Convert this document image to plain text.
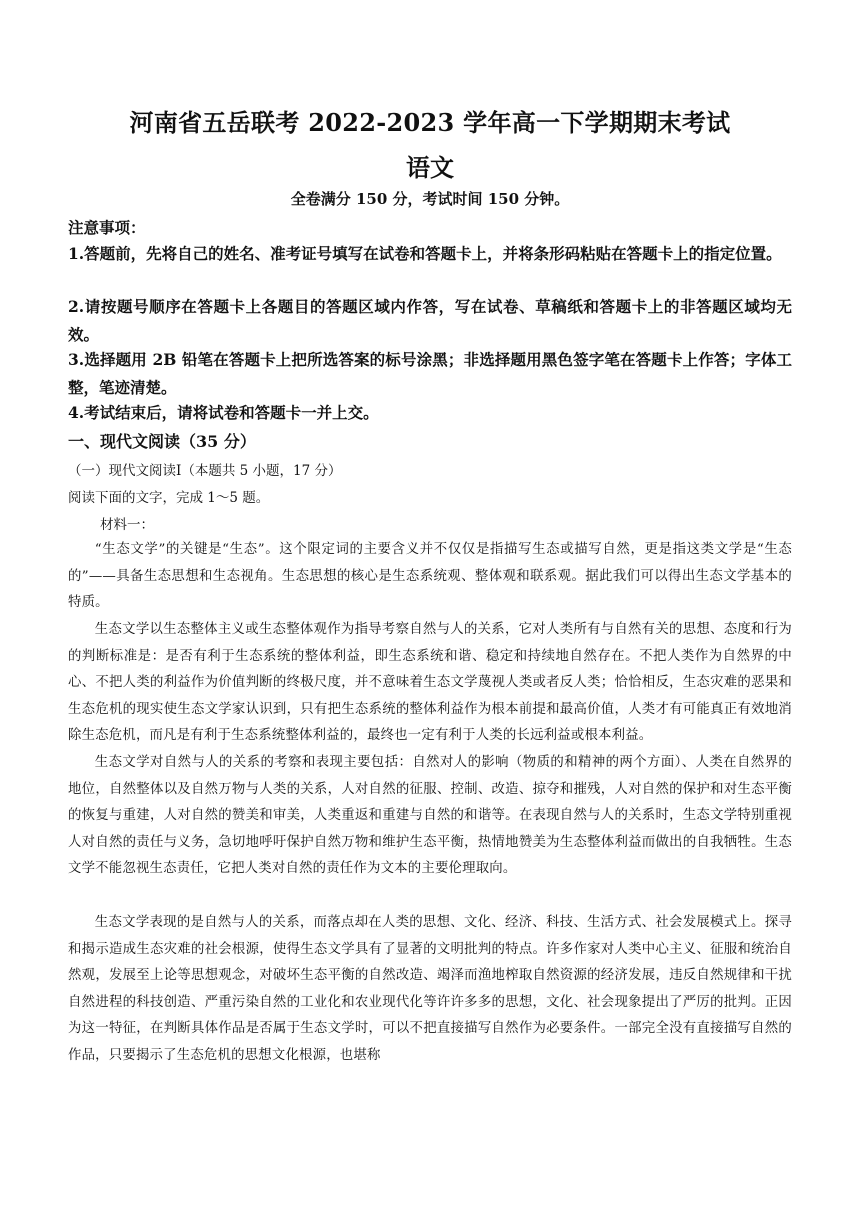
河南省五岳联考 2022-2023 学年高一下学期期末考试
语文
全卷满分 150 分，考试时间 150 分钟。
注意事项：
1.答题前，先将自己的姓名、准考证号填写在试卷和答题卡上，并将条形码粘贴在答题卡上的指定位置。
2.请按题号顺序在答题卡上各题目的答题区域内作答，写在试卷、草稿纸和答题卡上的非答题区域均无效。
3.选择题用 2B 铅笔在答题卡上把所选答案的标号涂黑；非选择题用黑色签字笔在答题卡上作答；字体工整，笔迹清楚。
4.考试结束后，请将试卷和答题卡一并上交。
一、现代文阅读（35 分）
（一）现代文阅读Ⅰ（本题共 5 小题，17 分）
阅读下面的文字，完成 1～5 题。
材料一：

“生态文学”的关键是“生态”。这个限定词的主要含义并不仅仅是指描写生态或描写自然，更是指这类文学是“生态的”——具备生态思想和生态视角。生态思想的核心是生态系统观、整体观和联系观。据此我们可以得出生态文学基本的特质。

生态文学以生态整体主义或生态整体观作为指导考察自然与人的关系，它对人类所有与自然有关的思想、态度和行为的判断标准是：是否有利于生态系统的整体利益，即生态系统和谐、稳定和持续地自然存在。不把人类作为自然界的中心、不把人类的利益作为价值判断的终极尺度，并不意味着生态文学蔑视人类或者反人类；恰恰相反，生态灾难的恶果和生态危机的现实使生态文学家认识到，只有把生态系统的整体利益作为根本前提和最高价值，人类才有可能真正有效地消除生态危机，而凡是有利于生态系统整体利益的，最终也一定有利于人类的长远利益或根本利益。

生态文学对自然与人的关系的考察和表现主要包括：自然对人的影响（物质的和精神的两个方面）、人类在自然界的地位，自然整体以及自然万物与人类的关系，人对自然的征服、控制、改造、掠夺和摧残，人对自然的保护和对生态平衡的恢复与重建，人对自然的赞美和审美，人类重返和重建与自然的和谐等。在表现自然与人的关系时，生态文学特别重视人对自然的责任与义务，急切地呼吁保护自然万物和维护生态平衡，热情地赞美为生态整体利益而做出的自我牺牲。生态文学不能忽视生态责任，它把人类对自然的责任作为文本的主要伦理取向。

生态文学表现的是自然与人的关系，而落点却在人类的思想、文化、经济、科技、生活方式、社会发展模式上。探寻和揭示造成生态灾难的社会根源，使得生态文学具有了显著的文明批判的特点。许多作家对人类中心主义、征服和统治自然观，发展至上论等思想观念，对破坏生态平衡的自然改造、竭泽而渔地榨取自然资源的经济发展，违反自然规律和干扰自然进程的科技创造、严重污染自然的工业化和农业现代化等许许多多的思想，文化、社会现象提出了严厉的批判。正因为这一特征，在判断具体作品是否属于生态文学时，可以不把直接描写自然作为必要条件。一部完全没有直接描写自然的作品，只要揭示了生态危机的思想文化根源，也堪称
